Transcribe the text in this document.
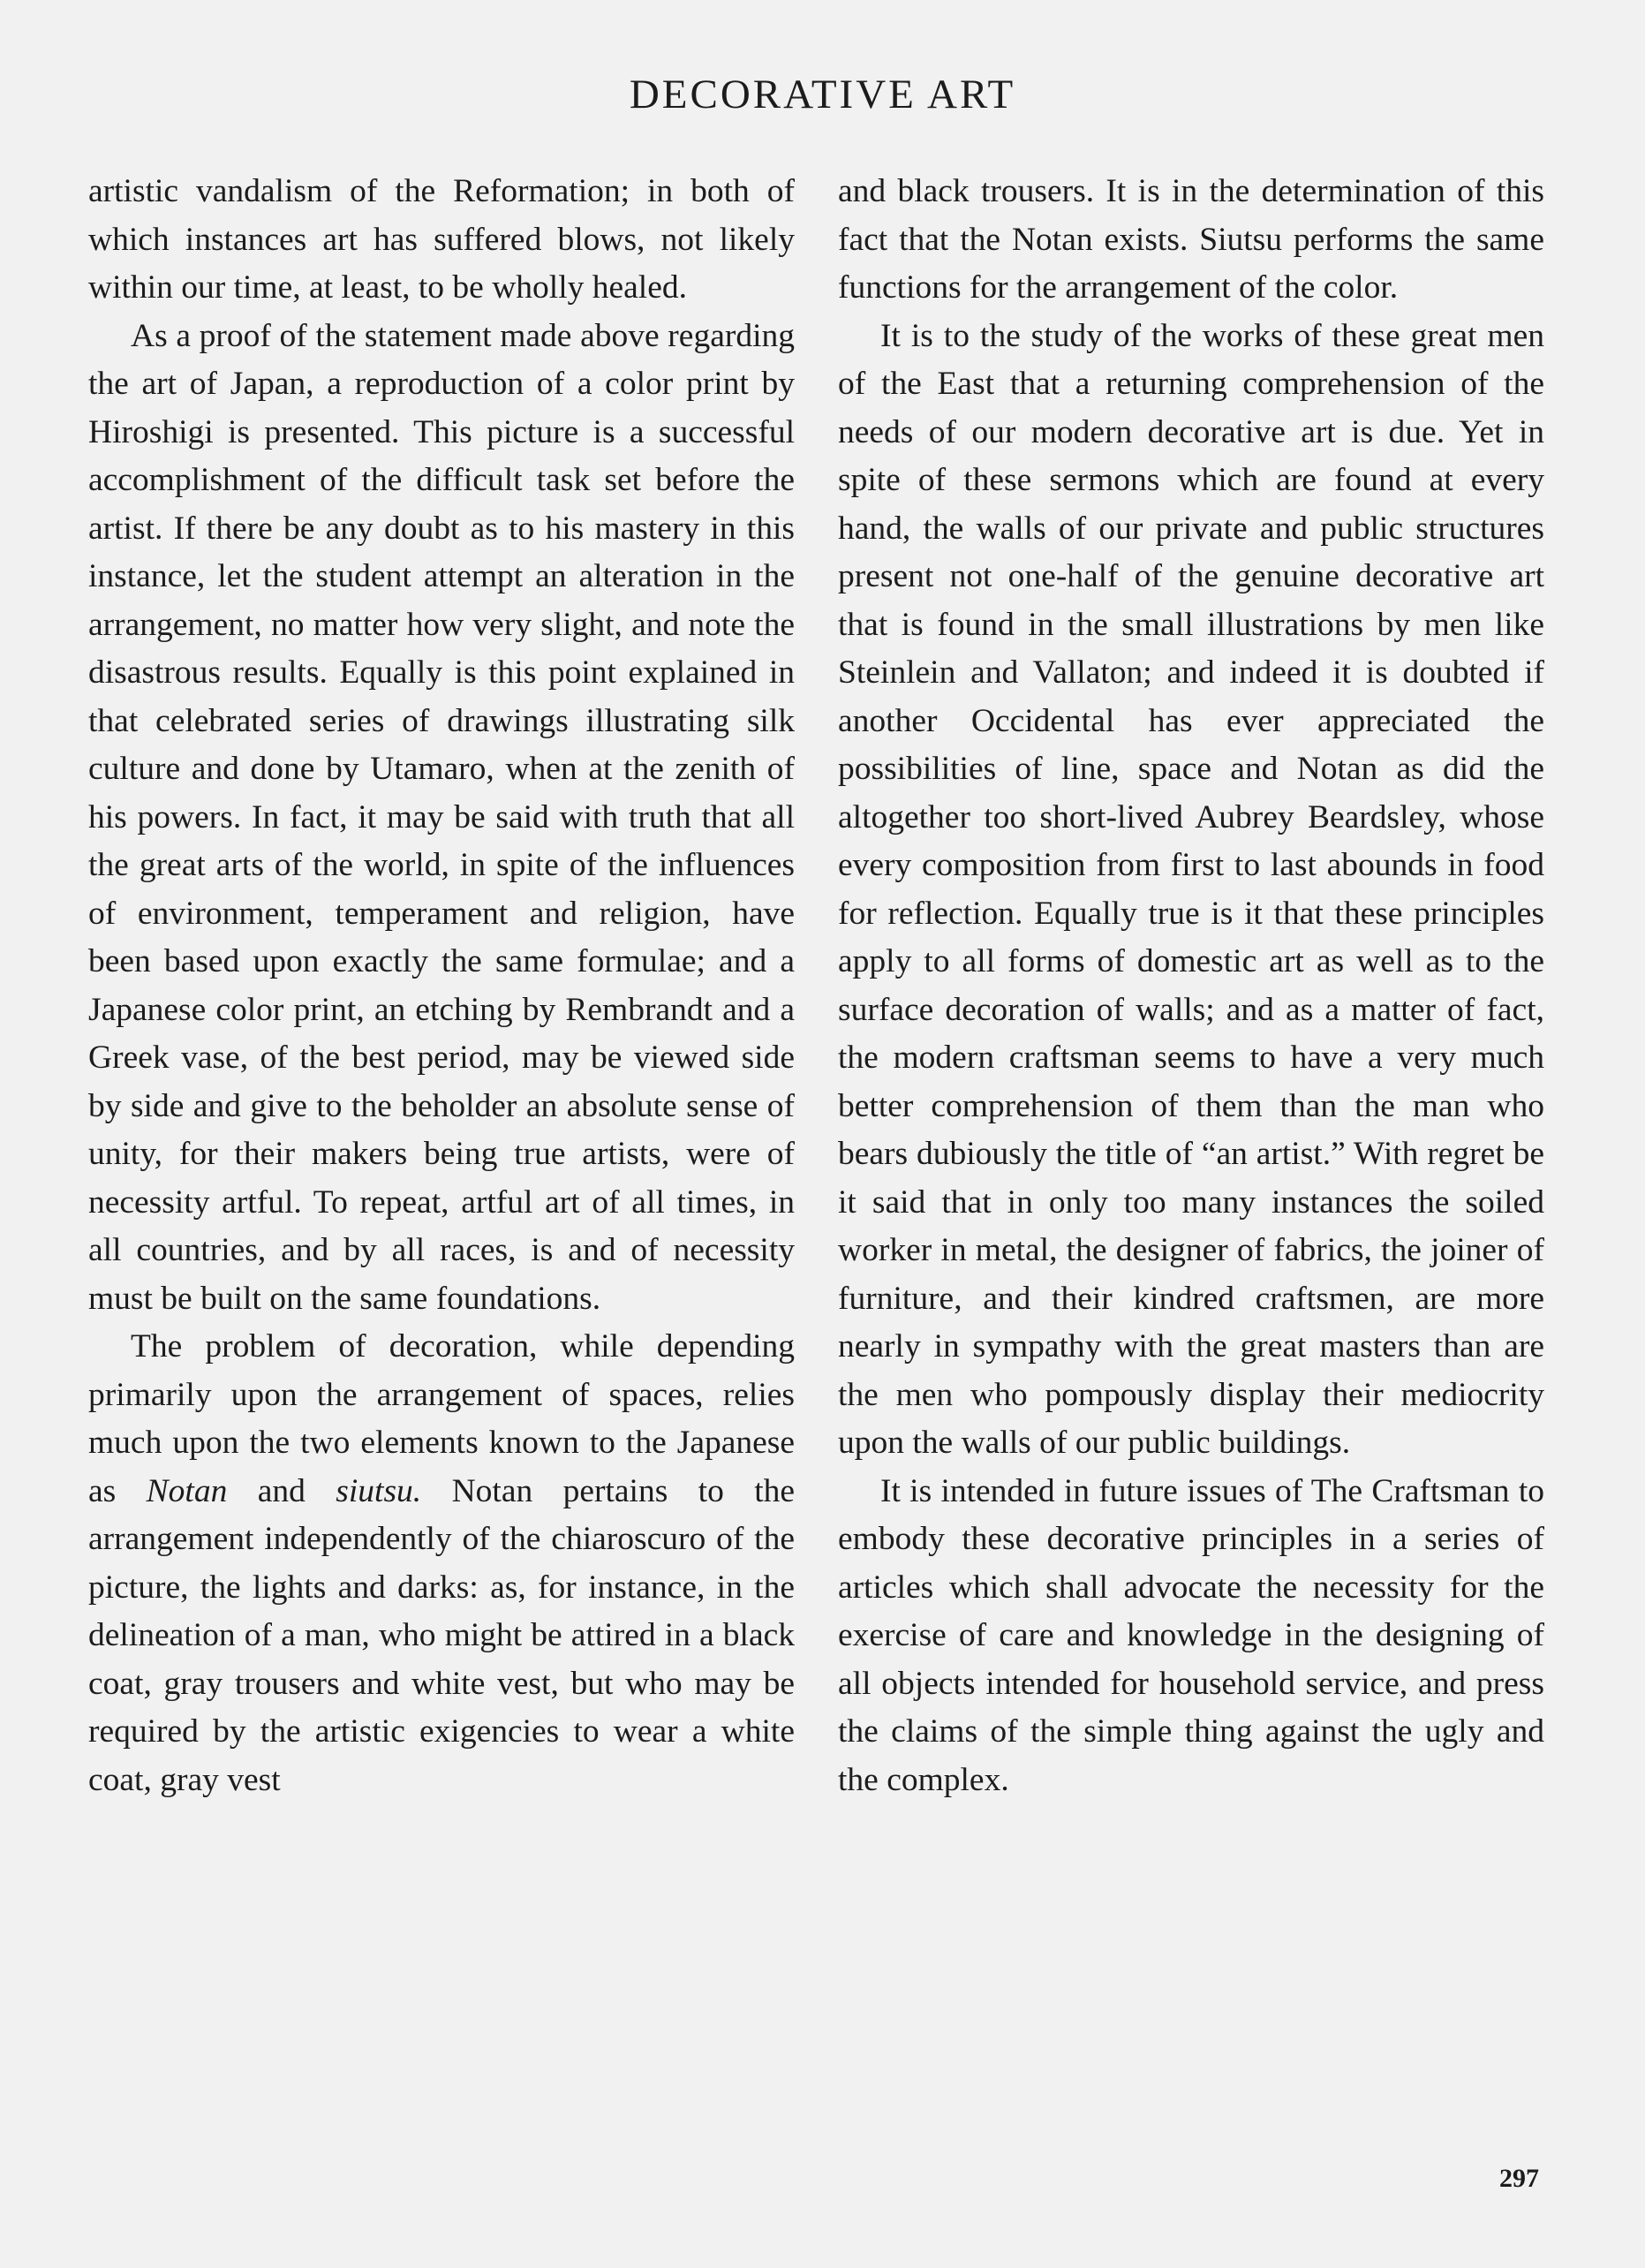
DECORATIVE ART

artistic vandalism of the Reformation; in both of which instances art has suffered blows, not likely within our time, at least, to be wholly healed.

As a proof of the statement made above regarding the art of Japan, a reproduction of a color print by Hiroshigi is presented. This picture is a successful accomplishment of the difficult task set before the artist. If there be any doubt as to his mastery in this instance, let the student attempt an alteration in the arrangement, no matter how very slight, and note the disastrous results. Equally is this point explained in that celebrated series of drawings illustrating silk culture and done by Utamaro, when at the zenith of his powers. In fact, it may be said with truth that all the great arts of the world, in spite of the influences of environment, temperament and religion, have been based upon exactly the same formulae; and a Japanese color print, an etching by Rembrandt and a Greek vase, of the best period, may be viewed side by side and give to the beholder an absolute sense of unity, for their makers being true artists, were of necessity artful. To repeat, artful art of all times, in all countries, and by all races, is and of necessity must be built on the same foundations.

The problem of decoration, while depending primarily upon the arrangement of spaces, relies much upon the two elements known to the Japanese as Notan and siutsu. Notan pertains to the arrangement independently of the chiaroscuro of the picture, the lights and darks: as, for instance, in the delineation of a man, who might be attired in a black coat, gray trousers and white vest, but who may be required by the artistic exigencies to wear a white coat, gray vest

and black trousers. It is in the determination of this fact that the Notan exists. Siutsu performs the same functions for the arrangement of the color.

It is to the study of the works of these great men of the East that a returning comprehension of the needs of our modern decorative art is due. Yet in spite of these sermons which are found at every hand, the walls of our private and public structures present not one-half of the genuine decorative art that is found in the small illustrations by men like Steinlein and Vallaton; and indeed it is doubted if another Occidental has ever appreciated the possibilities of line, space and Notan as did the altogether too short-lived Aubrey Beardsley, whose every composition from first to last abounds in food for reflection. Equally true is it that these principles apply to all forms of domestic art as well as to the surface decoration of walls; and as a matter of fact, the modern craftsman seems to have a very much better comprehension of them than the man who bears dubiously the title of “an artist.” With regret be it said that in only too many instances the soiled worker in metal, the designer of fabrics, the joiner of furniture, and their kindred craftsmen, are more nearly in sympathy with the great masters than are the men who pompously display their mediocrity upon the walls of our public buildings.

It is intended in future issues of The Craftsman to embody these decorative principles in a series of articles which shall advocate the necessity for the exercise of care and knowledge in the designing of all objects intended for household service, and press the claims of the simple thing against the ugly and the complex.

297
